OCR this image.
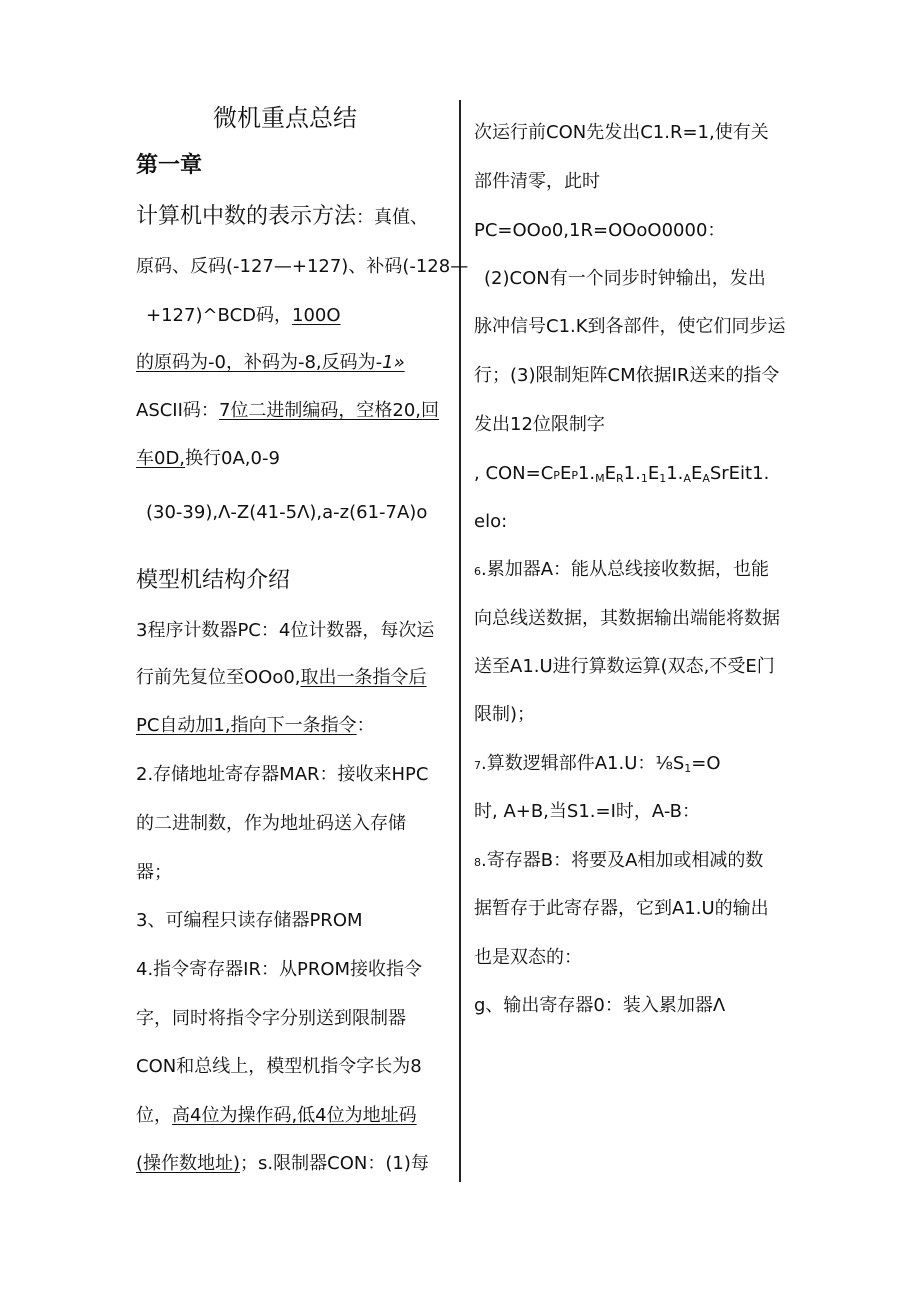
微机重点总结
第一章
计算机中数的表示方法：真值、
原码、反码(-127—+127)、补码(-128—
+127)^BCD码，100O
的原码为-0，补码为-8,反码为-1»
ASCII码：7位二进制编码，空格20,回
车0D,换行0A,0-9
(30-39),Λ-Z(41-5Λ),a-z(61-7A)o
模型机结构介绍
3程序计数器PC：4位计数器，每次运
行前先复位至OOo0,取出一条指令后
PC自动加1,指向下一条指令：
2.存储地址寄存器MAR：接收来HPC
的二进制数，作为地址码送入存储
器；
3、可编程只读存储器PROM
4.指令寄存器IR：从PROM接收指令
字，同时将指令字分别送到限制器
CON和总线上，模型机指令字长为8
位，高4位为操作码,低4位为地址码
(操作数地址)；s.限制器CON：(1)每
次运行前CON先发出C1.R=1,使有关
部件清零，此时
PC=OOo0,1R=OOoO0000：
(2)CON有一个同步时钟输出，发出
脉冲信号C1.K到各部件，使它们同步运
行；(3)限制矩阵CM依据IR送来的指令
发出12位限制字
, $CON=CPEP1._ME_R1._1E_11._AE_ASrEit1$.
elo:
6.累加器A：能从总线接收数据，也能
向总线送数据，其数据输出端能将数据
送至A1.U进行算数运算(双态,不受E门
限制)；
7.算数逻辑部件A1.U：$\frac{1}{8}S_1=O$
时, A+B,当S1.=I时，A-B：
8.寄存器B：将要及A相加或相减的数
据暂存于此寄存器，它到A1.U的输出
也是双态的：
g、输出寄存器0：装入累加器Λ
